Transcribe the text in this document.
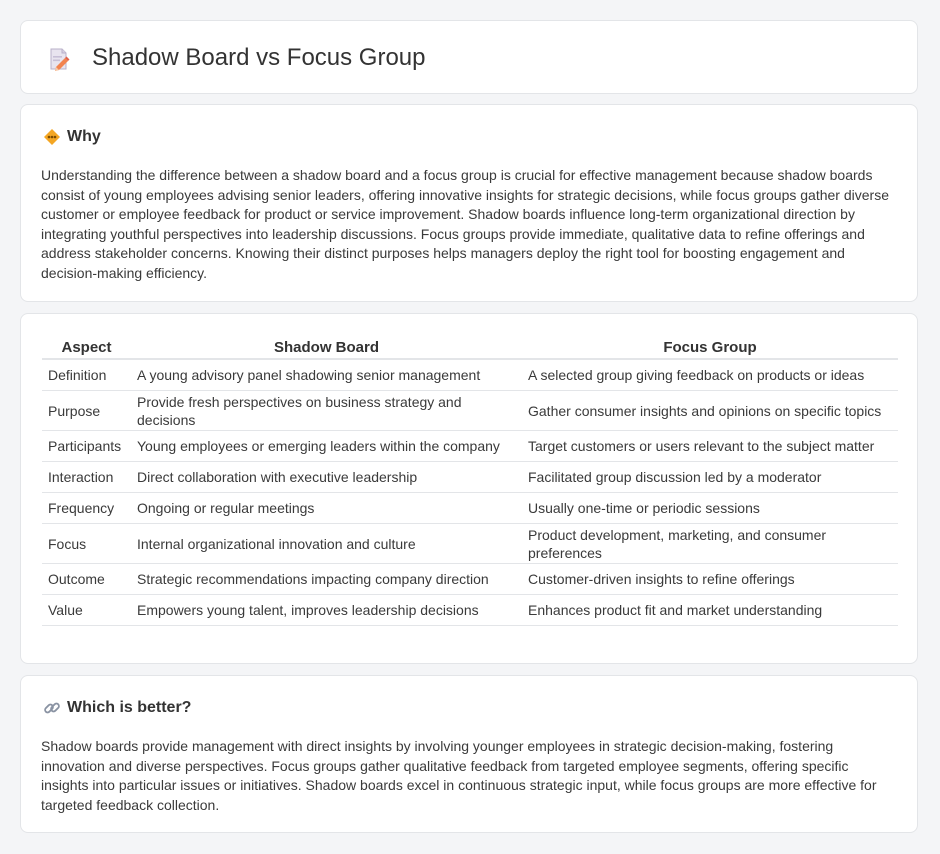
Shadow Board vs Focus Group
Why

Understanding the difference between a shadow board and a focus group is crucial for effective management because shadow boards consist of young employees advising senior leaders, offering innovative insights for strategic decisions, while focus groups gather diverse customer or employee feedback for product or service improvement. Shadow boards influence long-term organizational direction by integrating youthful perspectives into leadership discussions. Focus groups provide immediate, qualitative data to refine offerings and address stakeholder concerns. Knowing their distinct purposes helps managers deploy the right tool for boosting engagement and decision-making efficiency.

Aspect	Shadow Board	Focus Group
Definition	A young advisory panel shadowing senior management	A selected group giving feedback on products or ideas
Purpose	Provide fresh perspectives on business strategy and decisions	Gather consumer insights and opinions on specific topics
Participants	Young employees or emerging leaders within the company	Target customers or users relevant to the subject matter
Interaction	Direct collaboration with executive leadership	Facilitated group discussion led by a moderator
Frequency	Ongoing or regular meetings	Usually one-time or periodic sessions
Focus	Internal organizational innovation and culture	Product development, marketing, and consumer preferences
Outcome	Strategic recommendations impacting company direction	Customer-driven insights to refine offerings
Value	Empowers young talent, improves leadership decisions	Enhances product fit and market understanding
Which is better?

Shadow boards provide management with direct insights by involving younger employees in strategic decision-making, fostering innovation and diverse perspectives. Focus groups gather qualitative feedback from targeted employee segments, offering specific insights into particular issues or initiatives. Shadow boards excel in continuous strategic input, while focus groups are more effective for targeted feedback collection.
